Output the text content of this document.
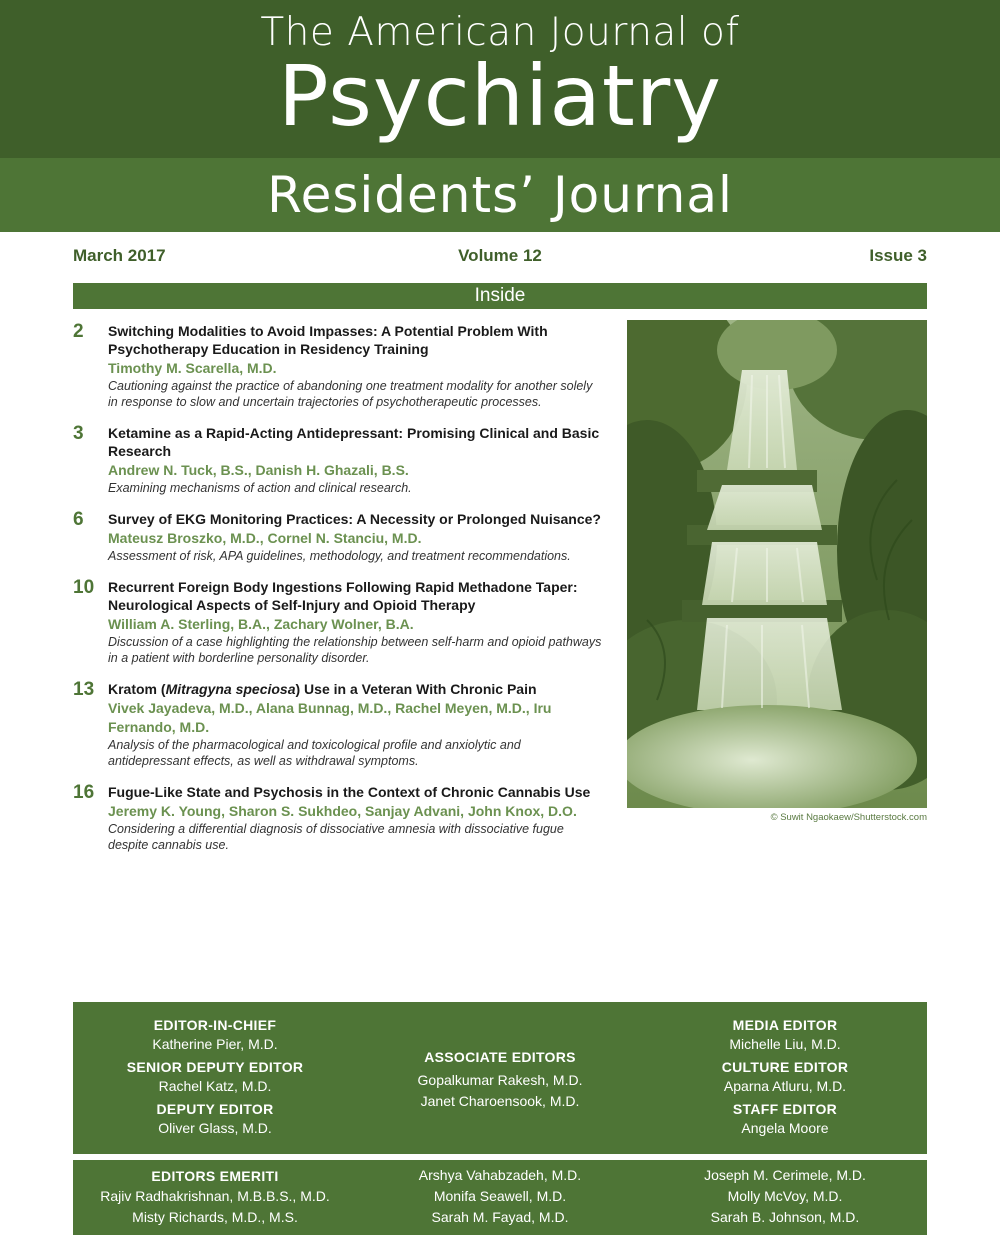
The American Journal of
Psychiatry
Residents’ Journal
March 2017	Volume 12	Issue 3
Inside
2 Switching Modalities to Avoid Impasses: A Potential Problem With Psychotherapy Education in Residency Training
Timothy M. Scarella, M.D.
Cautioning against the practice of abandoning one treatment modality for another solely in response to slow and uncertain trajectories of psychotherapeutic processes.
3 Ketamine as a Rapid-Acting Antidepressant: Promising Clinical and Basic Research
Andrew N. Tuck, B.S., Danish H. Ghazali, B.S.
Examining mechanisms of action and clinical research.
6 Survey of EKG Monitoring Practices: A Necessity or Prolonged Nuisance?
Mateusz Broszko, M.D., Cornel N. Stanciu, M.D.
Assessment of risk, APA guidelines, methodology, and treatment recommendations.
10 Recurrent Foreign Body Ingestions Following Rapid Methadone Taper: Neurological Aspects of Self-Injury and Opioid Therapy
William A. Sterling, B.A., Zachary Wolner, B.A.
Discussion of a case highlighting the relationship between self-harm and opioid pathways in a patient with borderline personality disorder.
13 Kratom (Mitragyna speciosa) Use in a Veteran With Chronic Pain
Vivek Jayadeva, M.D., Alana Bunnag, M.D., Rachel Meyen, M.D., Iru Fernando, M.D.
Analysis of the pharmacological and toxicological profile and anxiolytic and antidepressant effects, as well as withdrawal symptoms.
16 Fugue-Like State and Psychosis in the Context of Chronic Cannabis Use
Jeremy K. Young, Sharon S. Sukhdeo, Sanjay Advani, John Knox, D.O.
Considering a differential diagnosis of dissociative amnesia with dissociative fugue despite cannabis use.
© Suwit Ngaokaew/Shutterstock.com
EDITOR-IN-CHIEF
Katherine Pier, M.D.
SENIOR DEPUTY EDITOR
Rachel Katz, M.D.
DEPUTY EDITOR
Oliver Glass, M.D.
ASSOCIATE EDITORS
Gopalkumar Rakesh, M.D.
Janet Charoensook, M.D.
MEDIA EDITOR
Michelle Liu, M.D.
CULTURE EDITOR
Aparna Atluru, M.D.
STAFF EDITOR
Angela Moore
EDITORS EMERITI
Rajiv Radhakrishnan, M.B.B.S., M.D.
Misty Richards, M.D., M.S.
Arshya Vahabzadeh, M.D.
Monifa Seawell, M.D.
Sarah M. Fayad, M.D.
Joseph M. Cerimele, M.D.
Molly McVoy, M.D.
Sarah B. Johnson, M.D.
